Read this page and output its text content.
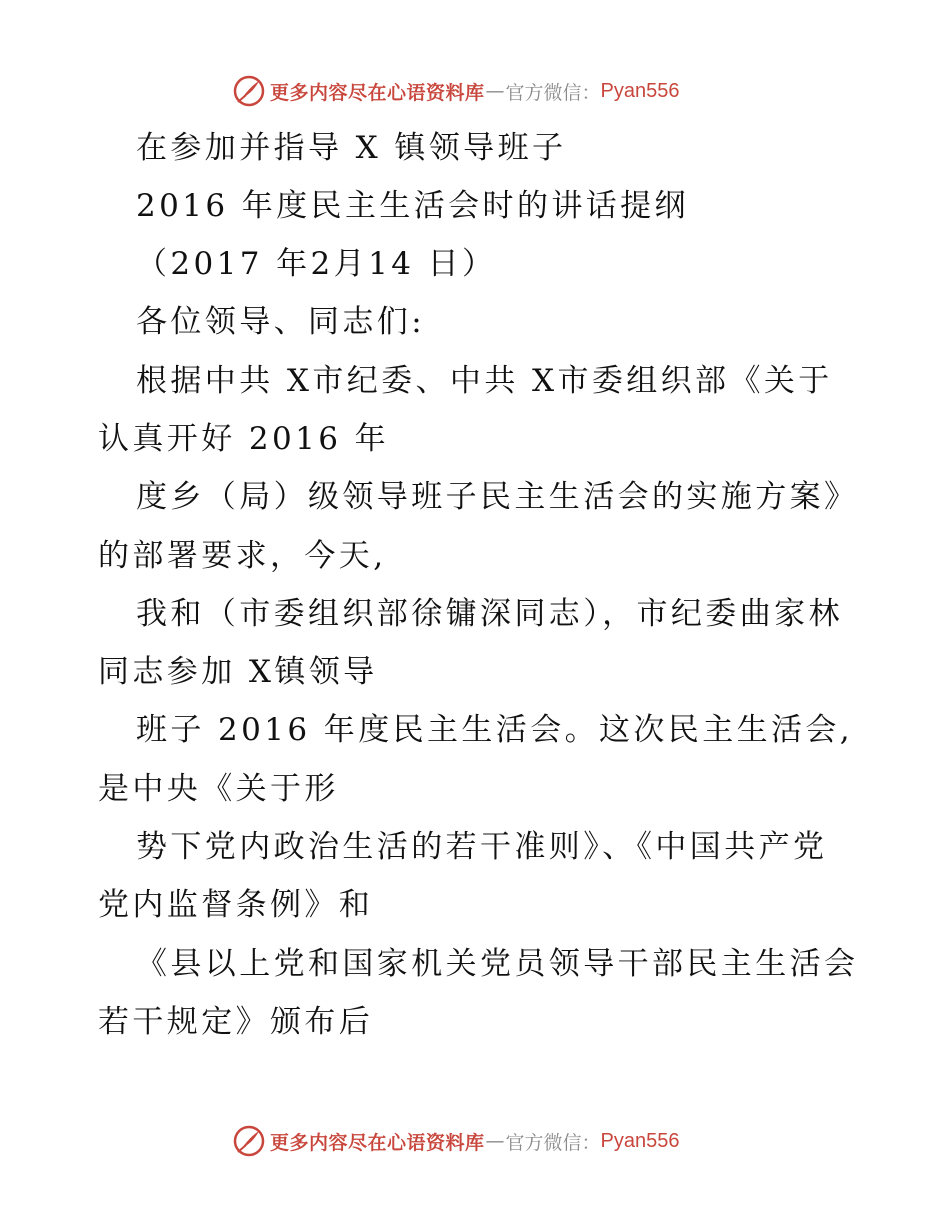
更多内容尽在心语资料库 — 官方微信： Pyan556
在参加并指导 X 镇领导班子
2016 年度民主生活会时的讲话提纲
（2017 年2月14 日）
各位领导、同志们:
根据中共 X市纪委、中共 X市委组织部《关于
认真开好 2016 年
度乡（局）级领导班子民主生活会的实施方案》
的部署要求，今天,
我和（市委组织部徐镛深同志），市纪委曲家林
同志参加 X镇领导
班子 2016 年度民主生活会。这次民主生活会,
是中央《关于形
势下党内政治生活的若干准则》、《中国共产党
党内监督条例》和
《县以上党和国家机关党员领导干部民主生活会
若干规定》颁布后
更多内容尽在心语资料库 — 官方微信： Pyan556
